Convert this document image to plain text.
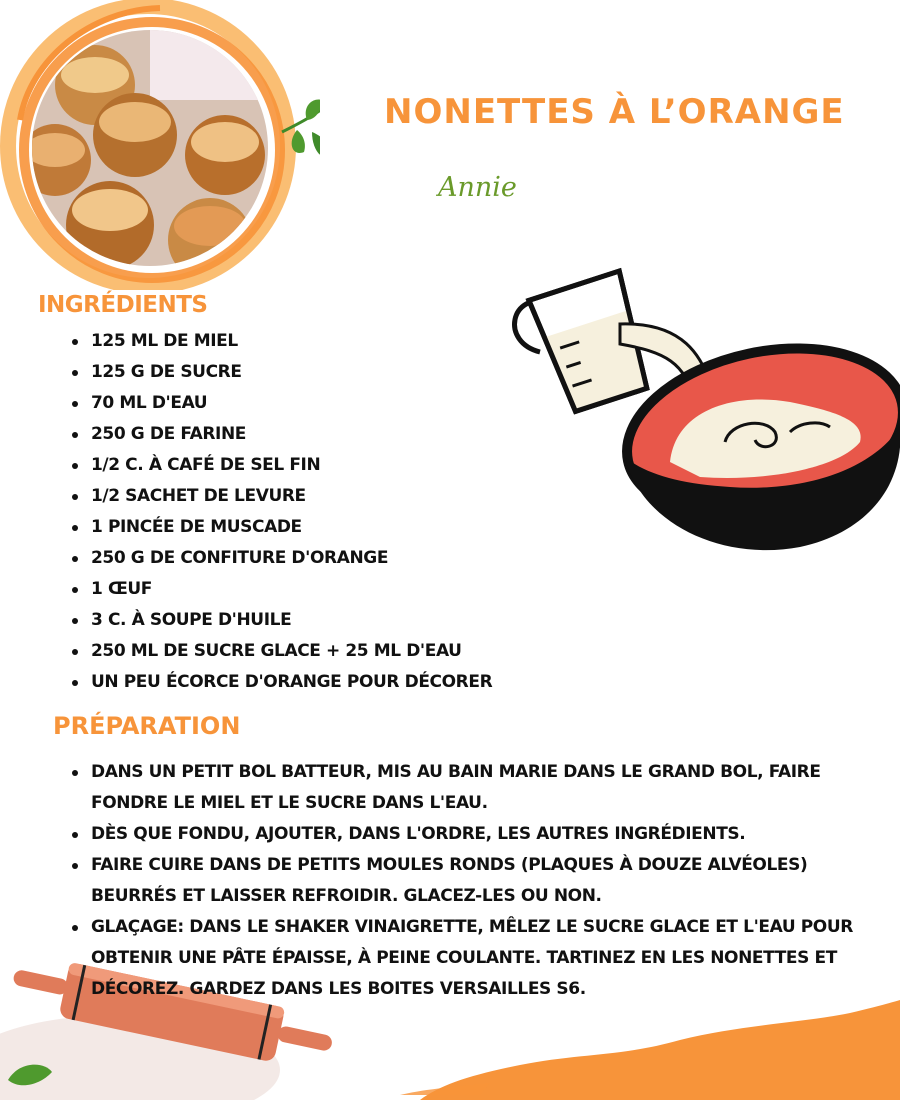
NONETTES À L’ORANGE
Annie
INGRÉDIENTS
125 ML DE MIEL
125 G DE SUCRE
70 ML D'EAU
250 G DE FARINE
1/2 C. À CAFÉ DE SEL FIN
1/2 SACHET DE LEVURE
1 PINCÉE DE MUSCADE
250 G DE CONFITURE D'ORANGE
1 ŒUF
3 C. À SOUPE D'HUILE
250 ML DE SUCRE GLACE + 25 ML D'EAU
UN PEU ÉCORCE D'ORANGE POUR DÉCORER
PRÉPARATION
DANS UN PETIT BOL BATTEUR, MIS AU BAIN MARIE DANS LE GRAND BOL, FAIRE FONDRE LE MIEL ET LE SUCRE DANS L'EAU.
DÈS QUE FONDU, AJOUTER, DANS L'ORDRE, LES AUTRES INGRÉDIENTS.
FAIRE CUIRE DANS DE PETITS MOULES RONDS (PLAQUES À DOUZE ALVÉOLES) BEURRÉS ET LAISSER REFROIDIR. GLACEZ-LES OU NON.
GLAÇAGE: DANS LE SHAKER VINAIGRETTE, MÊLEZ LE SUCRE GLACE ET L'EAU POUR OBTENIR UNE PÂTE ÉPAISSE, À PEINE COULANTE. TARTINEZ EN LES NONETTES ET DÉCOREZ. GARDEZ DANS LES BOITES VERSAILLES S6.
